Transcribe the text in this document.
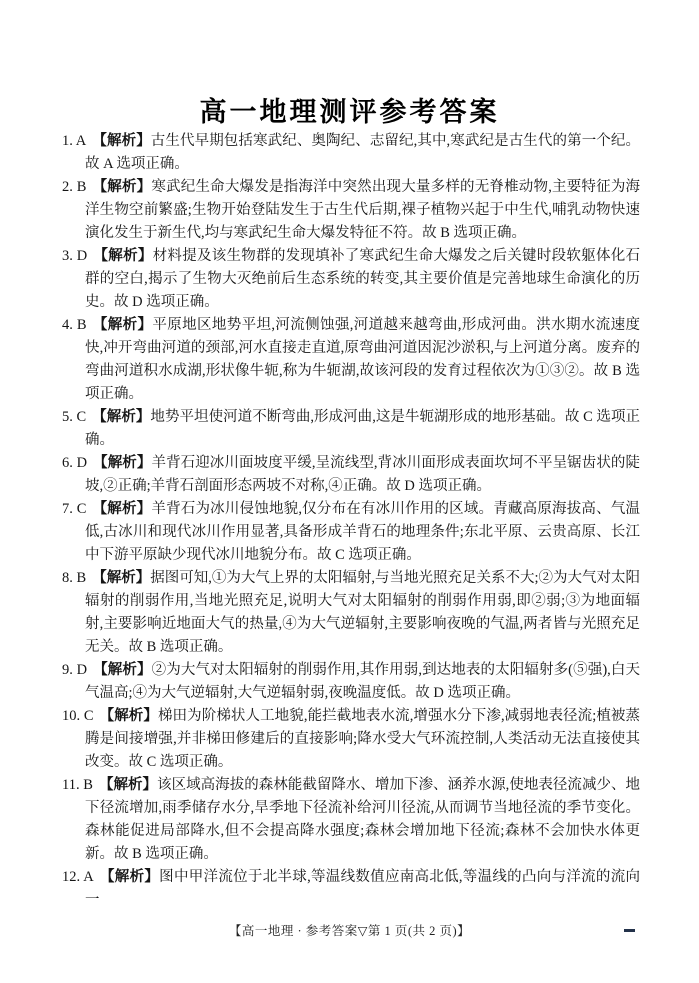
高一地理测评参考答案

1. A 【解析】古生代早期包括寒武纪、奥陶纪、志留纪,其中,寒武纪是古生代的第一个纪。故 A 选项正确。

2. B 【解析】寒武纪生命大爆发是指海洋中突然出现大量多样的无脊椎动物,主要特征为海洋生物空前繁盛;生物开始登陆发生于古生代后期,裸子植物兴起于中生代,哺乳动物快速演化发生于新生代,均与寒武纪生命大爆发特征不符。故 B 选项正确。

3. D 【解析】材料提及该生物群的发现填补了寒武纪生命大爆发之后关键时段软躯体化石群的空白,揭示了生物大灭绝前后生态系统的转变,其主要价值是完善地球生命演化的历史。故 D 选项正确。

4. B 【解析】平原地区地势平坦,河流侧蚀强,河道越来越弯曲,形成河曲。洪水期水流速度快,冲开弯曲河道的颈部,河水直接走直道,原弯曲河道因泥沙淤积,与上河道分离。废弃的弯曲河道积水成湖,形状像牛轭,称为牛轭湖,故该河段的发育过程依次为①③②。故 B 选项正确。

5. C 【解析】地势平坦使河道不断弯曲,形成河曲,这是牛轭湖形成的地形基础。故 C 选项正确。

6. D 【解析】羊背石迎冰川面坡度平缓,呈流线型,背冰川面形成表面坎坷不平呈锯齿状的陡坡,②正确;羊背石剖面形态两坡不对称,④正确。故 D 选项正确。

7. C 【解析】羊背石为冰川侵蚀地貌,仅分布在有冰川作用的区域。青藏高原海拔高、气温低,古冰川和现代冰川作用显著,具备形成羊背石的地理条件;东北平原、云贵高原、长江中下游平原缺少现代冰川地貌分布。故 C 选项正确。

8. B 【解析】据图可知,①为大气上界的太阳辐射,与当地光照充足关系不大;②为大气对太阳辐射的削弱作用,当地光照充足,说明大气对太阳辐射的削弱作用弱,即②弱;③为地面辐射,主要影响近地面大气的热量,④为大气逆辐射,主要影响夜晚的气温,两者皆与光照充足无关。故 B 选项正确。

9. D 【解析】②为大气对太阳辐射的削弱作用,其作用弱,到达地表的太阳辐射多(⑤强),白天气温高;④为大气逆辐射,大气逆辐射弱,夜晚温度低。故 D 选项正确。

10. C 【解析】梯田为阶梯状人工地貌,能拦截地表水流,增强水分下渗,减弱地表径流;植被蒸腾是间接增强,并非梯田修建后的直接影响;降水受大气环流控制,人类活动无法直接使其改变。故 C 选项正确。

11. B 【解析】该区域高海拔的森林能截留降水、增加下渗、涵养水源,使地表径流减少、地下径流增加,雨季储存水分,旱季地下径流补给河川径流,从而调节当地径流的季节变化。森林能促进局部降水,但不会提高降水强度;森林会增加地下径流;森林不会加快水体更新。故 B 选项正确。

12. A 【解析】图中甲洋流位于北半球,等温线数值应南高北低,等温线的凸向与洋流的流向一

【高一地理 · 参考答案▽第 1 页(共 2 页)】
